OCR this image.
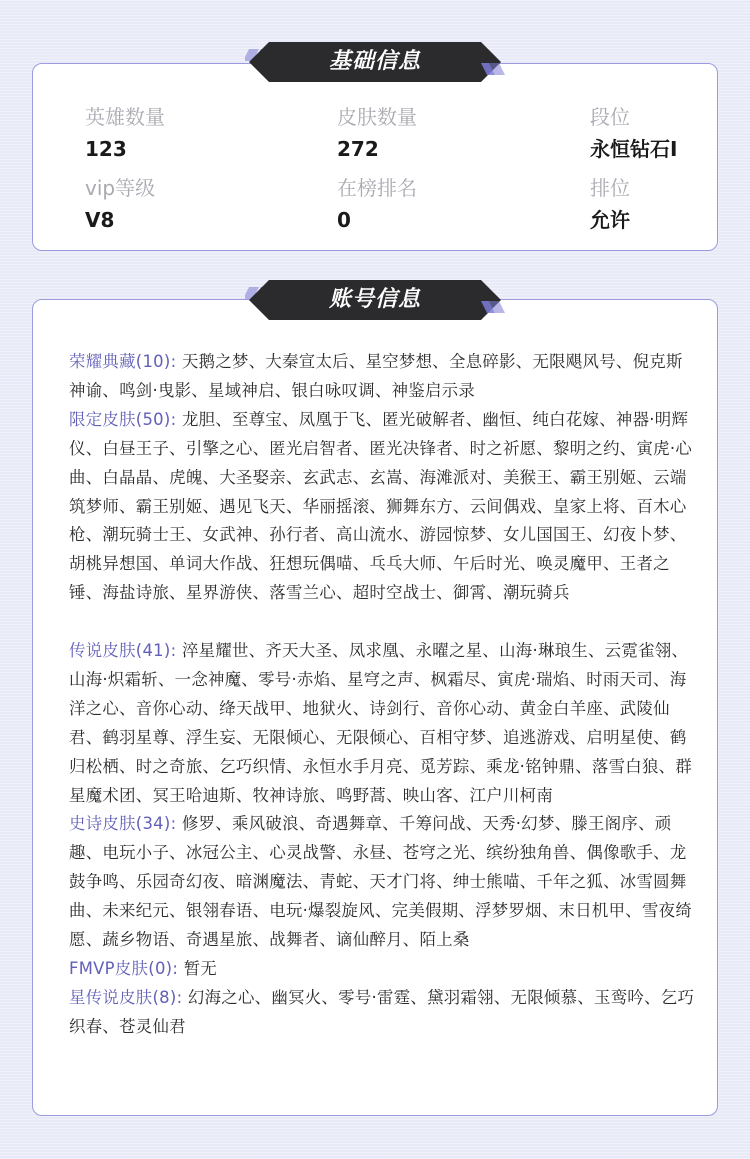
英雄数量
123
皮肤数量
272
段位
永恒钻石I
vip等级
V8
在榜排名
0
排位
允许
基础信息
荣耀典藏(10): 天鹅之梦、大秦宣太后、星空梦想、全息碎影、无限飓风号、倪克斯神谕、鸣剑·曳影、星域神启、银白咏叹调、神鉴启示录
限定皮肤(50): 龙胆、至尊宝、凤凰于飞、匿光破解者、幽恒、纯白花嫁、神器·明辉仪、白昼王子、引擎之心、匿光启智者、匿光决锋者、时之祈愿、黎明之约、寅虎·心曲、白晶晶、虎魄、大圣娶亲、玄武志、玄嵩、海滩派对、美猴王、霸王别姬、云端筑梦师、霸王别姬、遇见飞天、华丽摇滚、狮舞东方、云间偶戏、皇家上将、百木心枪、潮玩骑士王、女武神、孙行者、高山流水、游园惊梦、女儿国国王、幻夜卜梦、胡桃异想国、单词大作战、狂想玩偶喵、乓乓大师、午后时光、唤灵魔甲、王者之锤、海盐诗旅、星界游侠、落雪兰心、超时空战士、御霄、潮玩骑兵
传说皮肤(41): 淬星耀世、齐天大圣、凤求凰、永曜之星、山海·琳琅生、云霓雀翎、山海·炽霜斩、一念神魔、零号·赤焰、星穹之声、枫霜尽、寅虎·瑞焰、时雨天司、海洋之心、音你心动、绛天战甲、地狱火、诗剑行、音你心动、黄金白羊座、武陵仙君、鹤羽星尊、浮生妄、无限倾心、无限倾心、百相守梦、追逃游戏、启明星使、鹤归松栖、时之奇旅、乞巧织情、永恒水手月亮、觅芳踪、乘龙·铭钟鼎、落雪白狼、群星魔术团、冥王哈迪斯、牧神诗旅、鸣野蒿、映山客、江户川柯南
史诗皮肤(34): 修罗、乘风破浪、奇遇舞章、千筹问战、天秀·幻梦、滕王阁序、顽趣、电玩小子、冰冠公主、心灵战警、永昼、苍穹之光、缤纷独角兽、偶像歌手、龙鼓争鸣、乐园奇幻夜、暗渊魔法、青蛇、天才门将、绅士熊喵、千年之狐、冰雪圆舞曲、未来纪元、银翎春语、电玩·爆裂旋风、完美假期、浮梦罗烟、末日机甲、雪夜绮愿、蔬乡物语、奇遇星旅、战舞者、谪仙醉月、陌上桑
FMVP皮肤(0): 暂无
星传说皮肤(8): 幻海之心、幽冥火、零号·雷霆、黛羽霜翎、无限倾慕、玉鸾吟、乞巧织春、苍灵仙君
账号信息
